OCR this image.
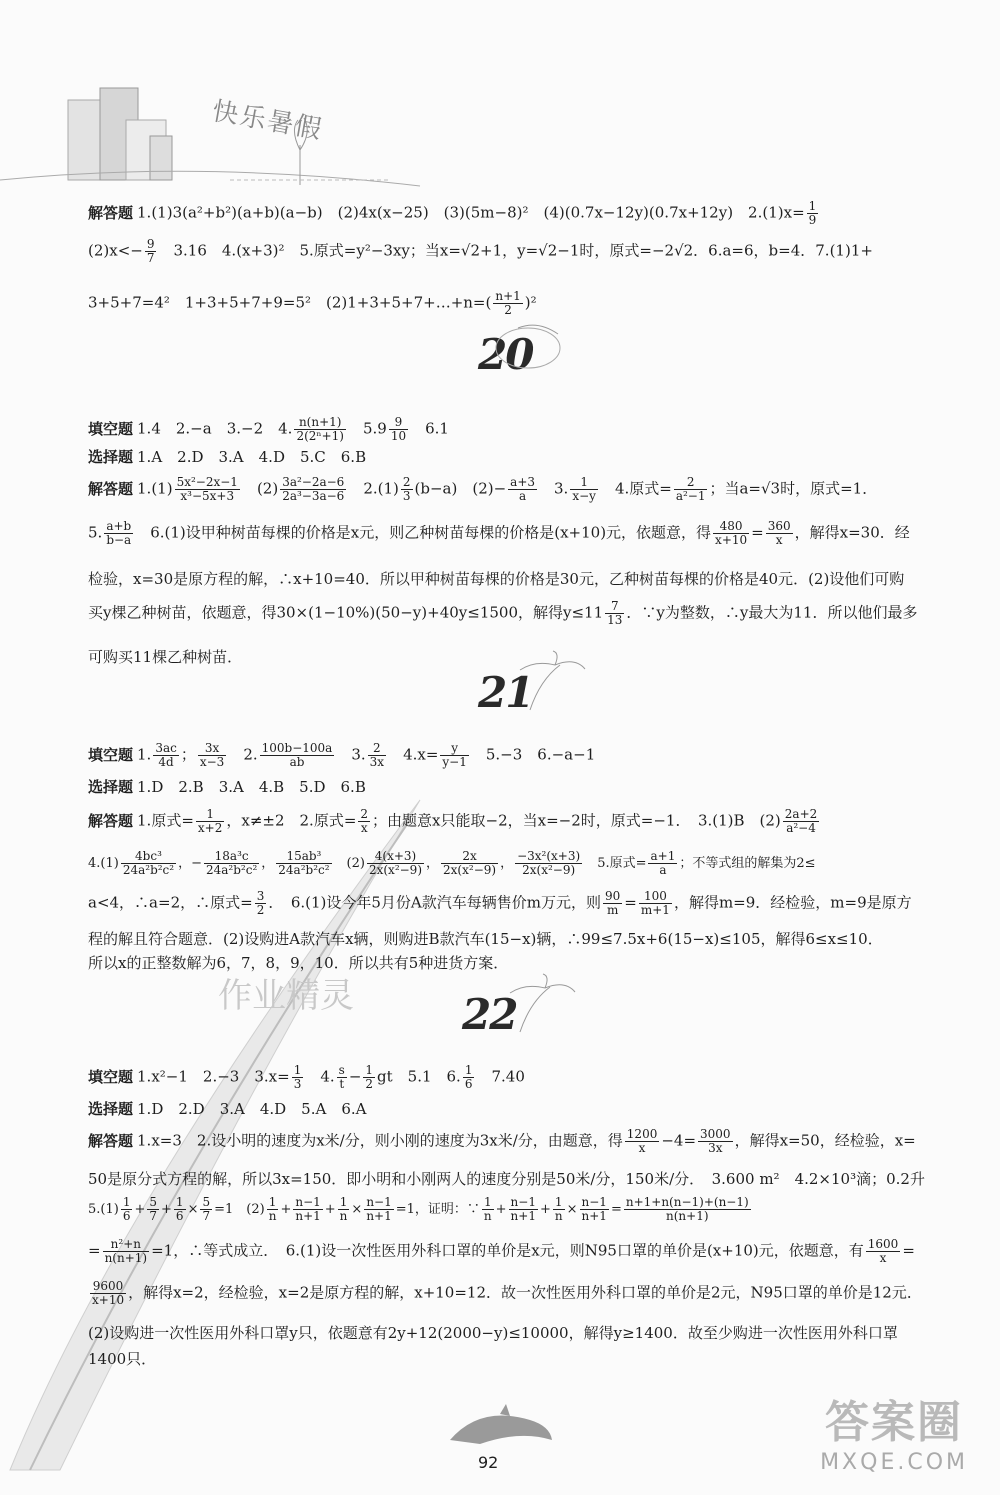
快乐暑假
解答题 1.(1)3(a²+b²)(a+b)(a−b)　(2)4x(x−25)　(3)(5m−8)²　(4)(0.7x−12y)(0.7x+12y)　$2.(1)x= \frac{1}{9}$
$(2)x<- \frac{9}{7}$ 　3.16　4.(x+3)²　5.原式=y²−3xy；当x=√2+1，y=√2−1时，原式=−2√2．6.a=6，b=4．7.(1)1+
3+5+7=4²　1+3+5+7+9=5²　(2)1+3+5+7+…+n=( $\frac{n+1}{2} )^2$
20
填空题 1.4　2.−a　3.−2　4. $\frac{n(n+1)}{\text{2(2ⁿ+1)}}$ 　$5.9 \frac{9}{10}$ 　6.1
选择题 1.A　2.D　3.A　4.D　5.C　6.B
解答题 $1.(1) \frac{\text{5x²−2x−1}}{\text{x³−5x+3}}$ 　$(2) \frac{\text{3a²−2a−6}}{\text{2a³−3a−6}}$ 　$2.(1) \frac{2}{3} (b-a)$　$(2)- \frac{a+3}{a}$ 　3. $\frac{1}{x-y}$ 　4.原式= $\frac{2}{\text{a²−1}}$ ；当a=√3时，原式=1．
5. $\frac{a+b}{b-a}$ 　6.(1)设甲种树苗每棵的价格是x元，则乙种树苗每棵的价格是(x+10)元，依题意，得 $\frac{480}{x+10} = \frac{360}{x}$ ，解得x=30．经
检验，x=30是原方程的解，∴x+10=40．所以甲种树苗每棵的价格是30元，乙种树苗每棵的价格是40元．(2)设他们可购
买y棵乙种树苗，依题意，得30×(1−10%)(50−y)+40y≤1500，解得$y\le 11 \frac{7}{13}$ ．∵y为整数，∴y最大为11．所以他们最多
可购买11棵乙种树苗．
21
填空题 1. $\frac{3ac}{4d}$ ； $\frac{3x}{x-3}$ 　2. $\frac{100b-100a}{ab}$ 　3. $\frac{2}{3x}$ 　$4.x= \frac{y}{y-1}$ 　5.−3　6.−a−1
选择题 1.D　2.B　3.A　4.B　5.D　6.B
解答题 1.原式= $\frac{1}{x+2}$ ，x≠±2　2.原式= $\frac{2}{x}$ ；由题意x只能取−2，当x=−2时，原式=−1．　3.(1)B　$(2) \frac{2a+2}{\text{a²−4}}$
$4.(1) \frac{\text{4bc³}}{\text{24a²b²c²}}$ ，− $\frac{\text{18a³c}}{\text{24a²b²c²}}$ ， $\frac{\text{15ab³}}{\text{24a²b²c²}}$ 　$(2) \frac{4(x+3)}{\text{2x(x²−9)}}$ ， $\frac{2x}{\text{2x(x²−9)}}$ ， $\frac{\text{−3x²(x+3)}}{\text{2x(x²−9)}}$ 　5.原式= $\frac{a+1}{a}$ ；不等式组的解集为2≤
a<4，∴a=2，∴原式= $\frac{3}{2}$ ．　6.(1)设今年5月份A款汽车每辆售价m万元，则 $\frac{90}{m} = \frac{100}{m+1}$ ，解得m=9．经检验，m=9是原方
程的解且符合题意．(2)设购进A款汽车x辆，则购进B款汽车(15−x)辆，∴99≤7.5x+6(15−x)≤105，解得6≤x≤10．
所以x的正整数解为6，7，8，9，10．所以共有5种进货方案．
作业精灵	22
填空题 1.x²−1　2.−3　$3.x= \frac{1}{3}$ 　4. $\frac{s}{t} - \frac{1}{2}$ gt　5.1　6. $\frac{1}{6}$ 　7.40
选择题 1.D　2.D　3.A　4.D　5.A　6.A
解答题 1.x=3　2.设小明的速度为x米/分，则小刚的速度为3x米/分，由题意，得 $\frac{1200}{x} -4= \frac{3000}{3x}$ ，解得x=50，经检验，x=
50是原分式方程的解，所以3x=150．即小明和小刚两人的速度分别是50米/分，150米/分．　3.600 m²　4.2×10³滴；0.2升
$5.(1) \frac{1}{6} + \frac{5}{7} + \frac{1}{6} \times \frac{5}{7} =1$　$(2) \frac{1}{n} + \frac{n-1}{n+1} + \frac{1}{n} \times \frac{n-1}{n+1} =1$，证明：∵ $\frac{1}{n} + \frac{n-1}{n+1} + \frac{1}{n} \times \frac{n-1}{n+1} = \frac{n+1+n(n-1)+(n-1)}{n(n+1)}$
= $\frac{\text{n²+n}}{n(n+1)} =1$，∴等式成立．　6.(1)设一次性医用外科口罩的单价是x元，则N95口罩的单价是(x+10)元，依题意，有 $\frac{1600}{x}$ =
$\frac{9600}{x+10}$ ，解得x=2，经检验，x=2是原方程的解，x+10=12．故一次性医用外科口罩的单价是2元，N95口罩的单价是12元．
(2)设购进一次性医用外科口罩y只，依题意有2y+12(2000−y)≤10000，解得y≥1400．故至少购进一次性医用外科口罩
1400只．
92
答案圈
MXQE.COM
